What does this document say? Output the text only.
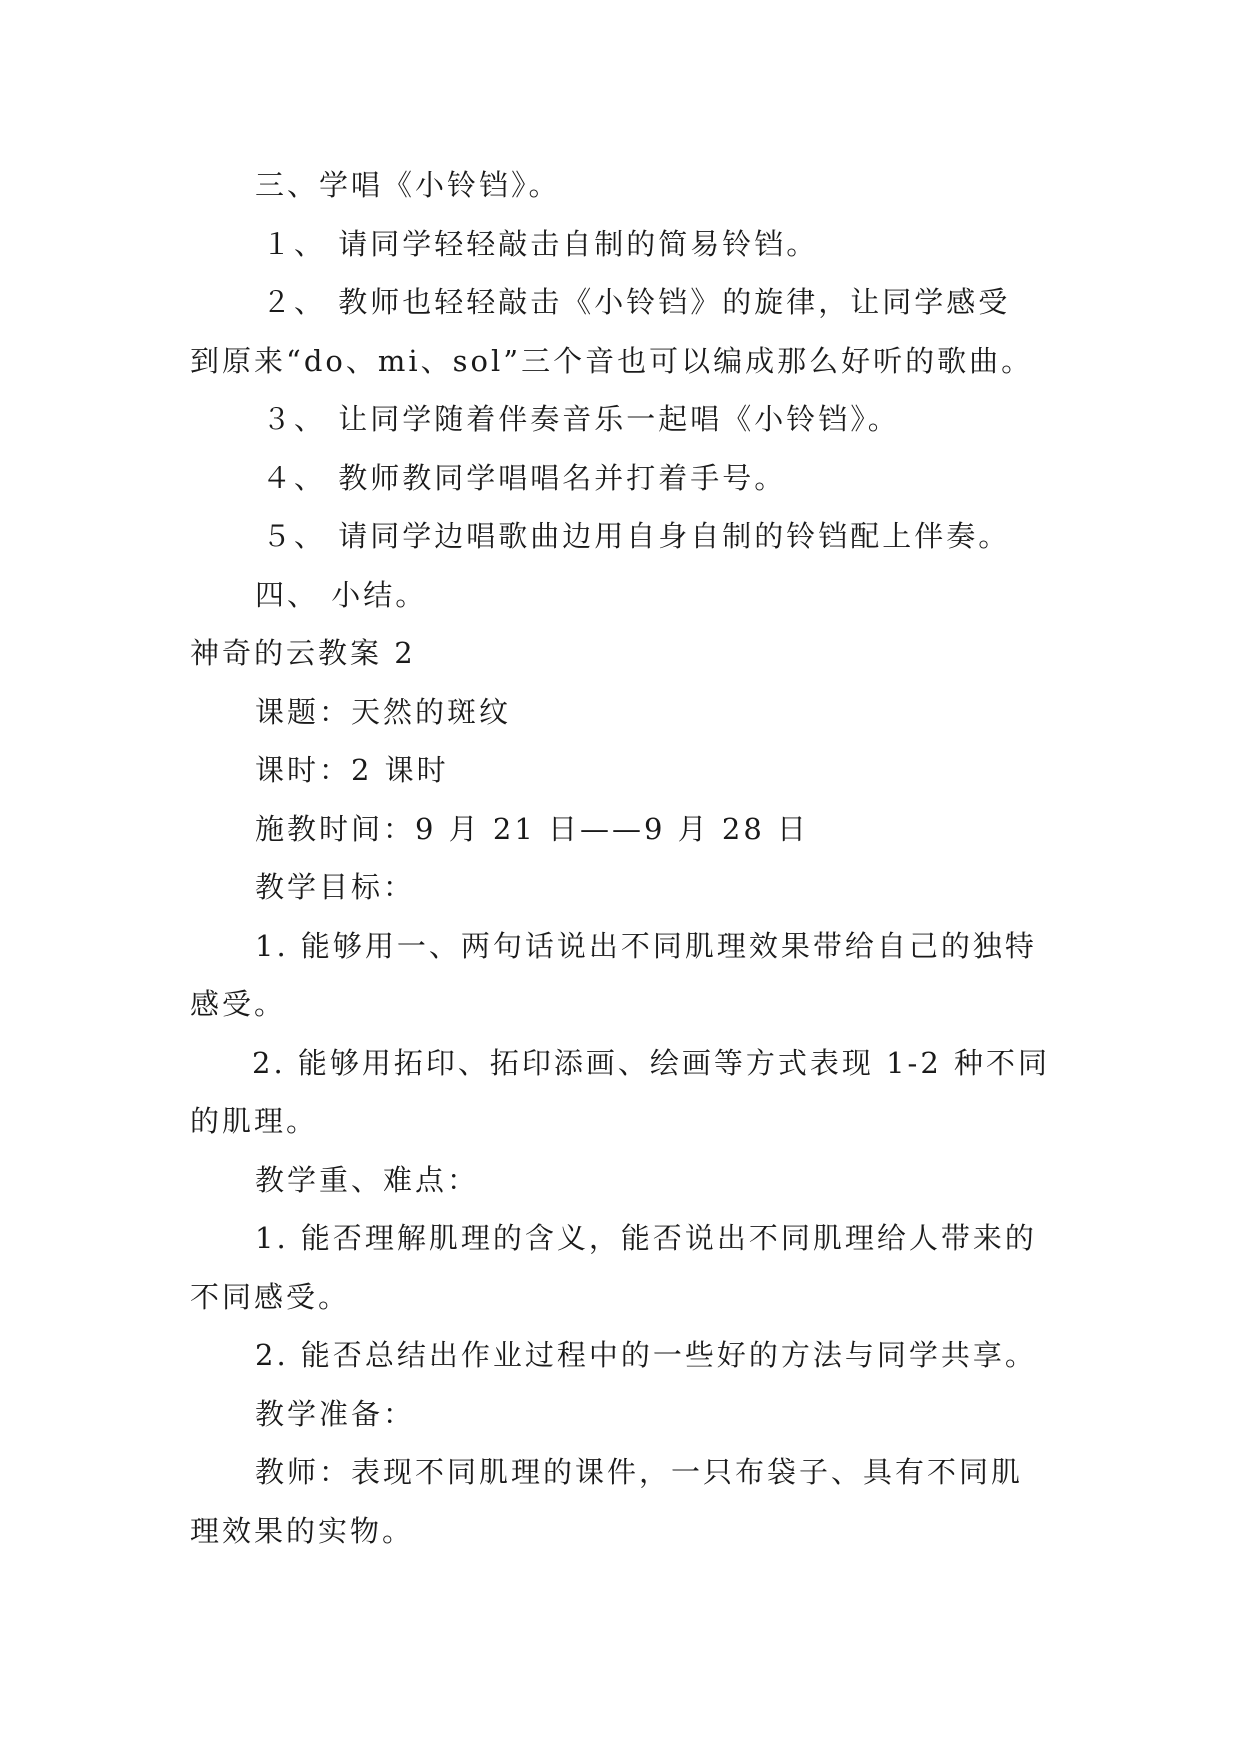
三、学唱《小铃铛》。
１、 请同学轻轻敲击自制的简易铃铛。
２、 教师也轻轻敲击《小铃铛》的旋律，让同学感受
到原来“do、mi、sol”三个音也可以编成那么好听的歌曲。
３、 让同学随着伴奏音乐一起唱《小铃铛》。
４、 教师教同学唱唱名并打着手号。
５、 请同学边唱歌曲边用自身自制的铃铛配上伴奏。
四、 小结。
神奇的云教案 2
课题：天然的斑纹
课时：2 课时
施教时间：9 月 21 日——9 月 28 日
教学目标：
1. 能够用一、两句话说出不同肌理效果带给自己的独特
感受。
2. 能够用拓印、拓印添画、绘画等方式表现 1-2 种不同
的肌理。
教学重、难点：
1. 能否理解肌理的含义，能否说出不同肌理给人带来的
不同感受。
2. 能否总结出作业过程中的一些好的方法与同学共享。
教学准备：
教师：表现不同肌理的课件，一只布袋子、具有不同肌
理效果的实物。
